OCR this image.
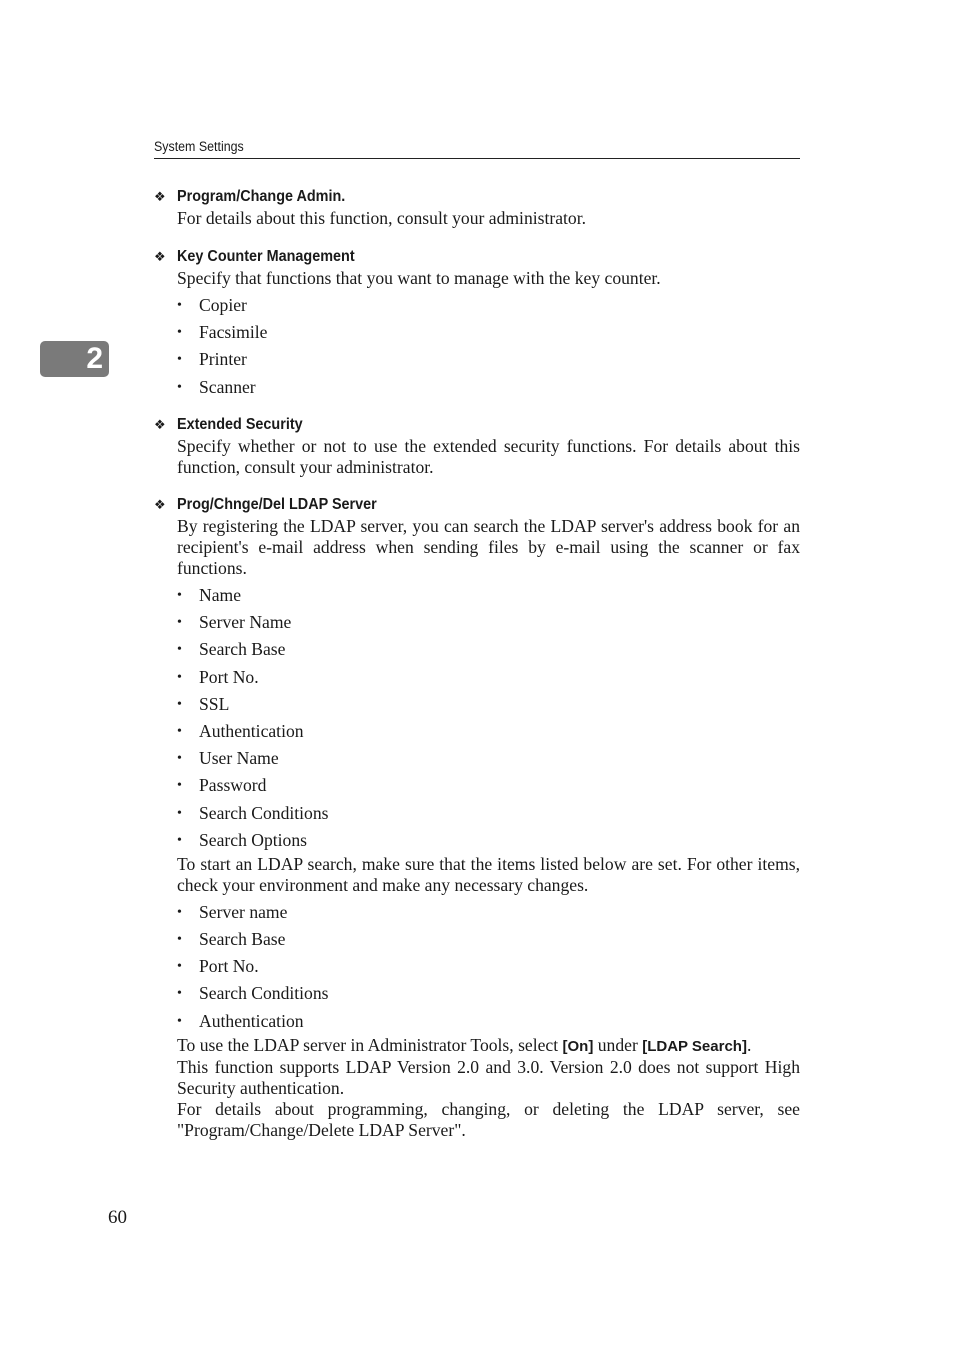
System Settings
2
❖ Program/Change Admin.

For details about this function, consult your administrator.

❖ Key Counter Management

Specify that functions that you want to manage with the key counter.

• Copier
• Facsimile
• Printer
• Scanner
❖ Extended Security

Specify whether or not to use the extended security functions. For details about this function, consult your administrator.

❖ Prog/Chnge/Del LDAP Server

By registering the LDAP server, you can search the LDAP server's address book for an recipient's e-mail address when sending files by e-mail using the scanner or fax functions.

• Name
• Server Name
• Search Base
• Port No.
• SSL
• Authentication
• User Name
• Password
• Search Conditions
• Search Options

To start an LDAP search, make sure that the items listed below are set. For other items, check your environment and make any necessary changes.

• Server name
• Search Base
• Port No.
• Search Conditions
• Authentication

To use the LDAP server in Administrator Tools, select [On] under [LDAP Search].

This function supports LDAP Version 2.0 and 3.0. Version 2.0 does not support High Security authentication.

For details about programming, changing, or deleting the LDAP server, see "Program/Change/Delete LDAP Server".

60
